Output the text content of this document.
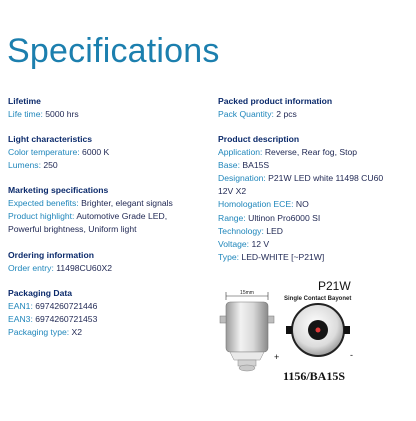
Specifications
Lifetime
Life time: 5000 hrs
Light characteristics
Color temperature: 6000 K
Lumens: 250
Marketing specifications
Expected benefits: Brighter, elegant signals
Product highlight: Automotive Grade LED,
Powerful brightness, Uniform light
Ordering information
Order entry: 11498CU60X2
Packaging Data
EAN1: 6974260721446
EAN3: 6974260721453
Packaging type: X2
Packed product information
Pack Quantity: 2 pcs
Product description
Application: Reverse, Rear fog, Stop
Base: BA15S
Designation: P21W LED white 11498 CU60
12V X2
Homologation ECE: NO
Range: Ultinon Pro6000 SI
Technology: LED
Voltage: 12 V
Type: LED-WHITE [~P21W]
15mm	P21W
Single Contact Bayonet
+	-
1156/BA15S
